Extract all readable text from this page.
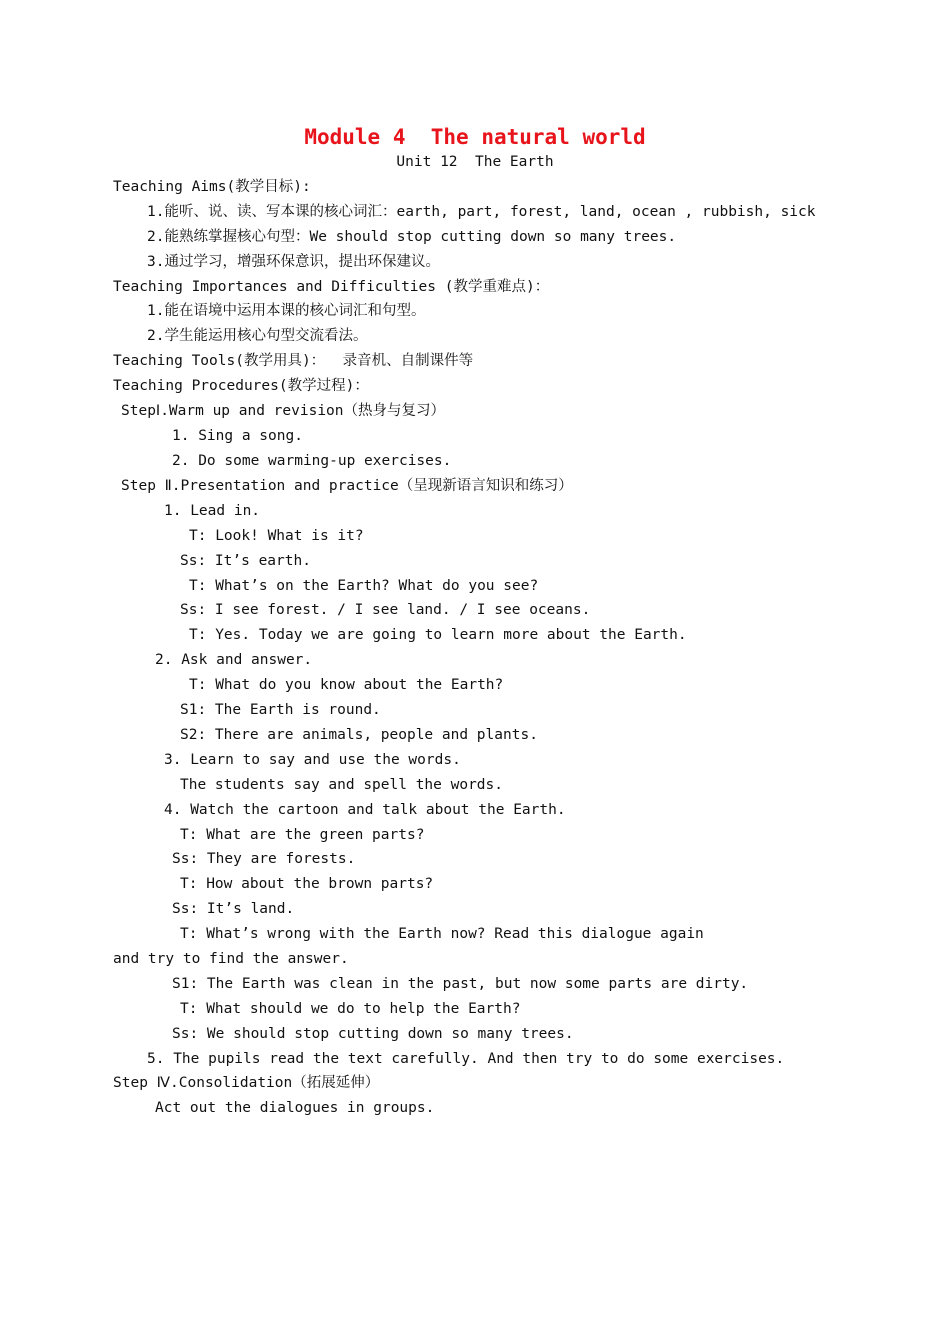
Module 4  The natural world
Unit 12  The Earth
Teaching Aims(教学目标):
1.能听、说、读、写本课的核心词汇：earth, part, forest, land, ocean , rubbish, sick
2.能熟练掌握核心句型：We should stop cutting down so many trees.
3.通过学习，增强环保意识，提出环保建议。
Teaching Importances and Difficulties (教学重难点)：
1.能在语境中运用本课的核心词汇和句型。
2.学生能运用核心句型交流看法。
Teaching Tools(教学用具)：  录音机、自制课件等
Teaching Procedures(教学过程)：
StepⅠ.Warm up and revision（热身与复习）
1. Sing a song.
2. Do some warming-up exercises.
Step Ⅱ.Presentation and practice（呈现新语言知识和练习）
1. Lead in.
T: Look! What is it?
Ss: It’s earth.
T: What’s on the Earth? What do you see?
Ss: I see forest. / I see land. / I see oceans.
T: Yes. Today we are going to learn more about the Earth.
2. Ask and answer.
T: What do you know about the Earth?
S1: The Earth is round.
S2: There are animals, people and plants.
3. Learn to say and use the words.
The students say and spell the words.
4. Watch the cartoon and talk about the Earth.
T: What are the green parts?
Ss: They are forests.
T: How about the brown parts?
Ss: It’s land.
T: What’s wrong with the Earth now? Read this dialogue again
and try to find the answer.
S1: The Earth was clean in the past, but now some parts are dirty.
T: What should we do to help the Earth?
Ss: We should stop cutting down so many trees.
5. The pupils read the text carefully. And then try to do some exercises.
Step Ⅳ.Consolidation（拓展延伸）
Act out the dialogues in groups.
